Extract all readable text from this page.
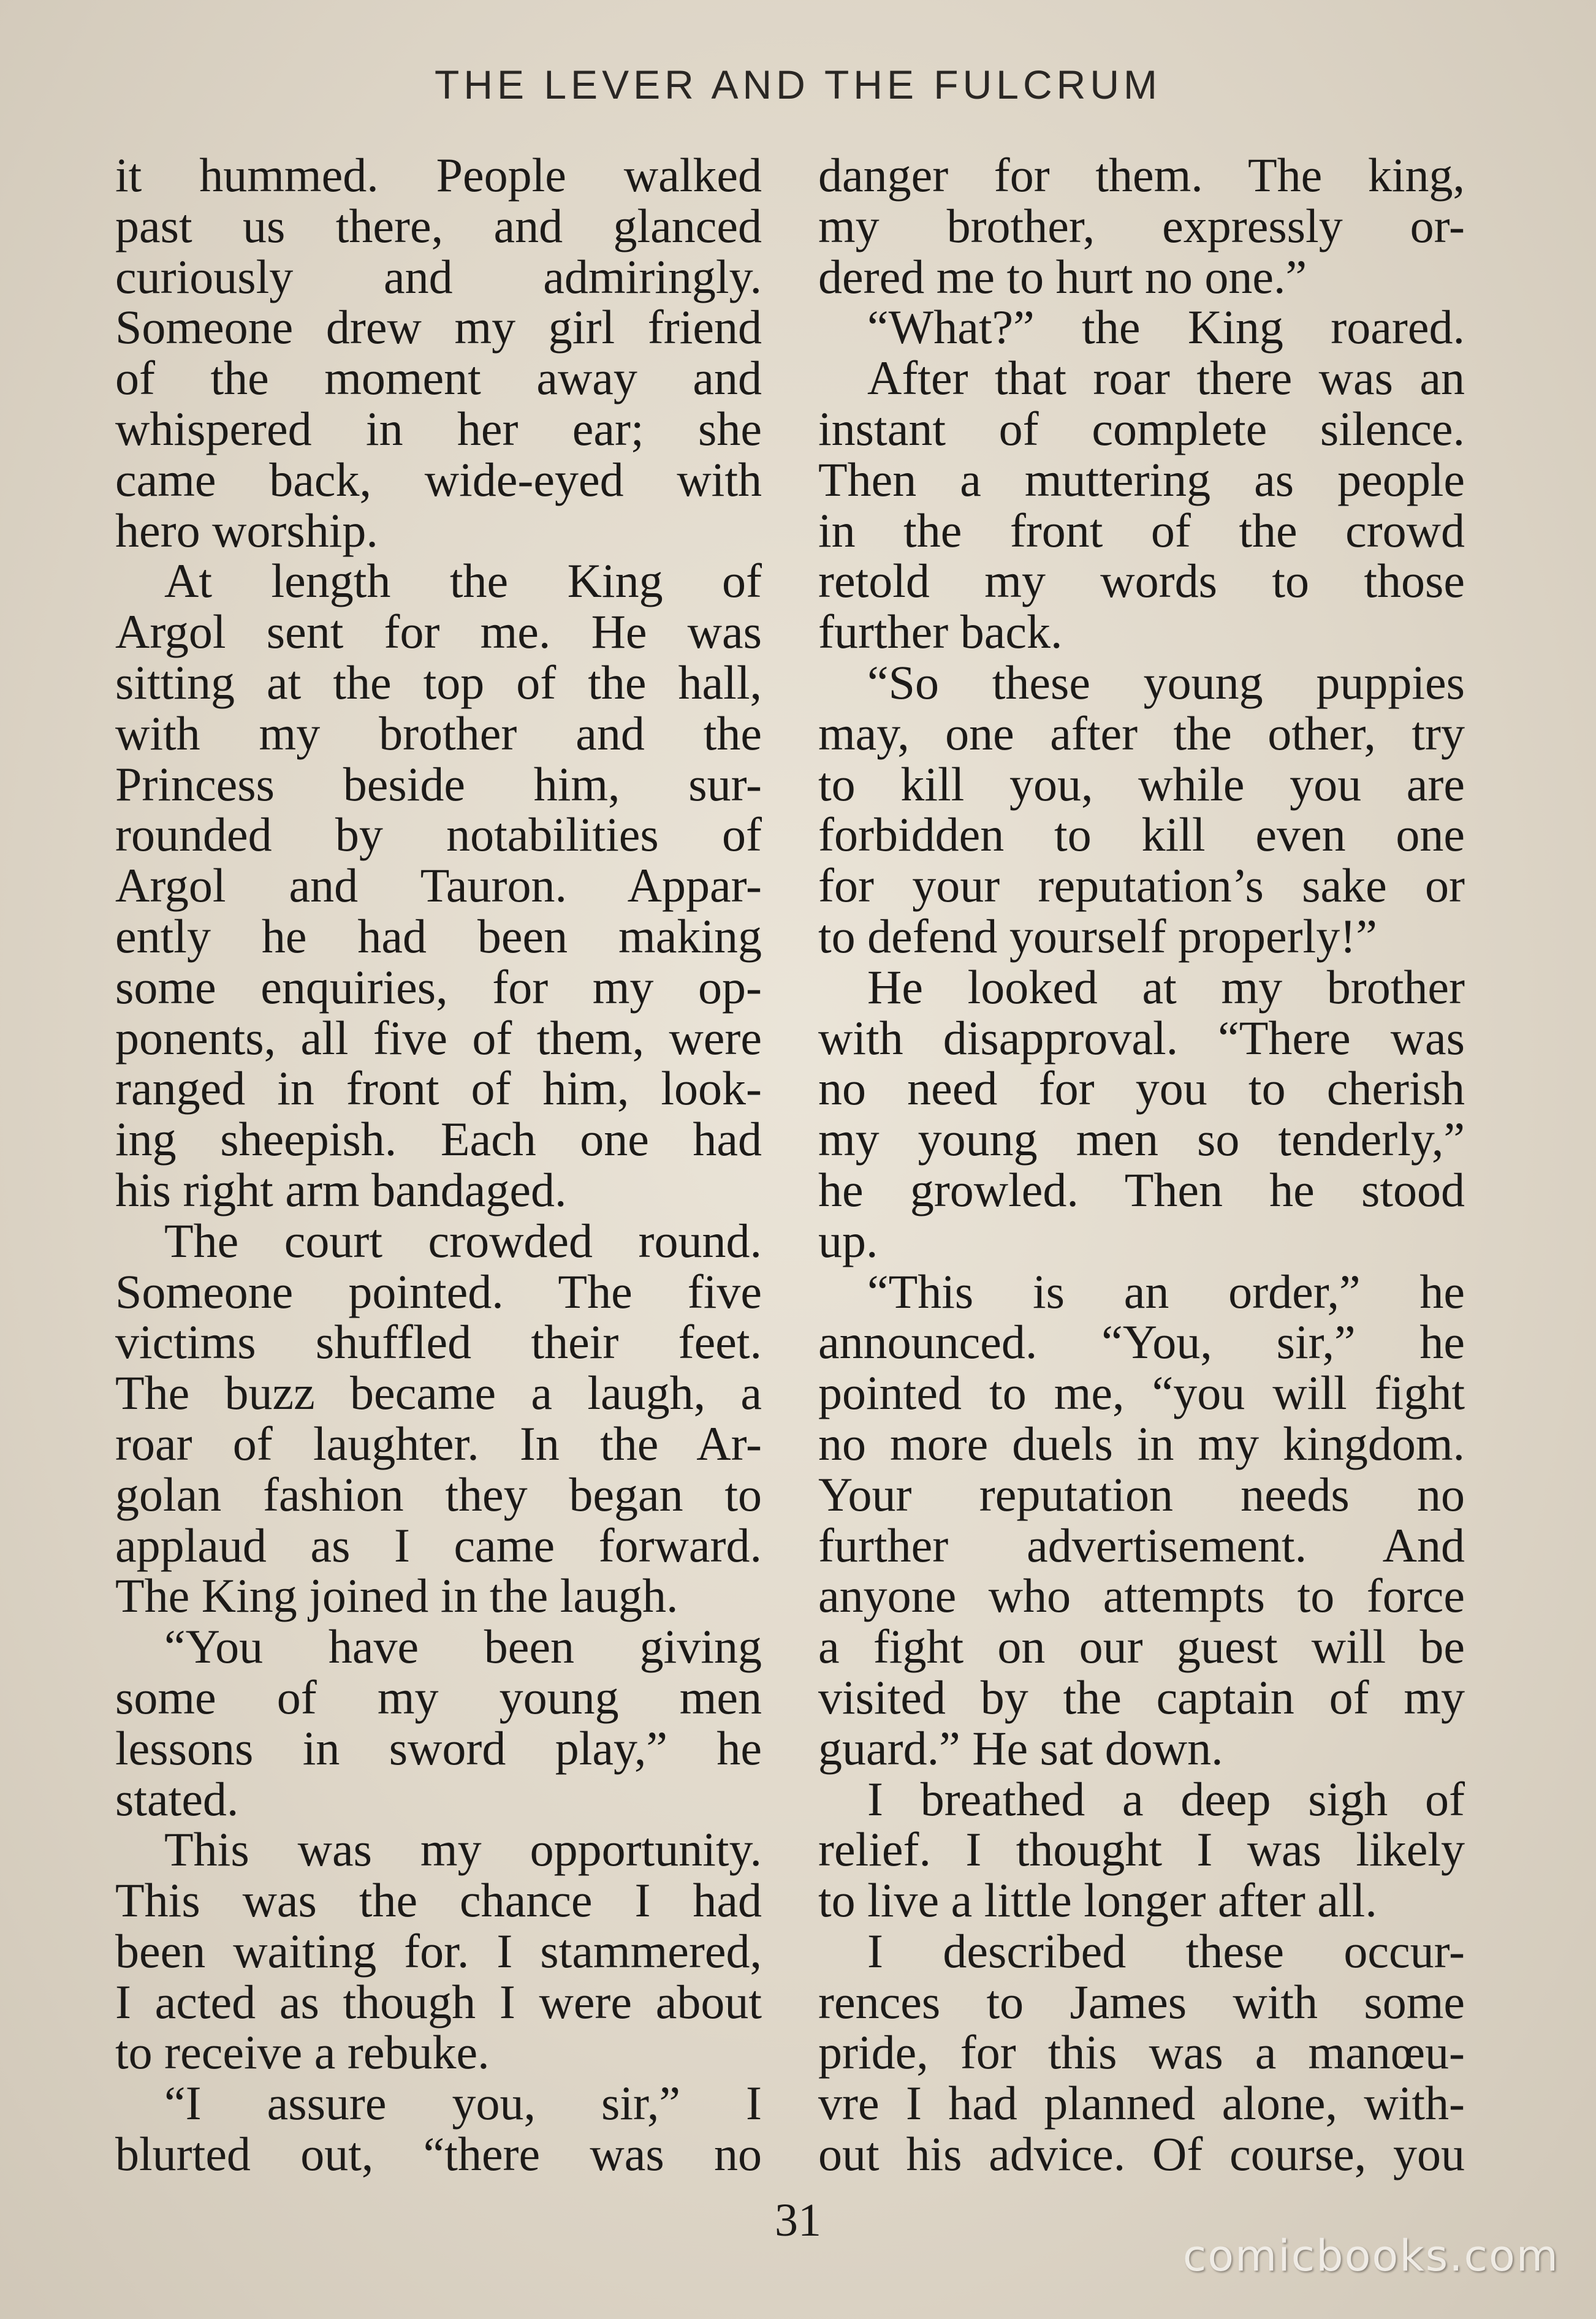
THE LEVER AND THE FULCRUM
it hummed. People walked
past us there, and glanced
curiously and admiringly.
Someone drew my girl friend
of the moment away and
whispered in her ear; she
came back, wide-eyed with
hero worship.
At length the King of
Argol sent for me. He was
sitting at the top of the hall,
with my brother and the
Princess beside him, sur-
rounded by notabilities of
Argol and Tauron. Appar-
ently he had been making
some enquiries, for my op-
ponents, all five of them, were
ranged in front of him, look-
ing sheepish. Each one had
his right arm bandaged.
The court crowded round.
Someone pointed. The five
victims shuffled their feet.
The buzz became a laugh, a
roar of laughter. In the Ar-
golan fashion they began to
applaud as I came forward.
The King joined in the laugh.
“You have been giving
some of my young men
lessons in sword play,” he
stated.
This was my opportunity.
This was the chance I had
been waiting for. I stammered,
I acted as though I were about
to receive a rebuke.
“I assure you, sir,” I
blurted out, “there was no
danger for them. The king,
my brother, expressly or-
dered me to hurt no one.”
“What?” the King roared.
After that roar there was an
instant of complete silence.
Then a muttering as people
in the front of the crowd
retold my words to those
further back.
“So these young puppies
may, one after the other, try
to kill you, while you are
forbidden to kill even one
for your reputation’s sake or
to defend yourself properly!”
He looked at my brother
with disapproval. “There was
no need for you to cherish
my young men so tenderly,”
he growled. Then he stood
up.
“This is an order,” he
announced. “You, sir,” he
pointed to me, “you will fight
no more duels in my kingdom.
Your reputation needs no
further advertisement. And
anyone who attempts to force
a fight on our guest will be
visited by the captain of my
guard.” He sat down.
I breathed a deep sigh of
relief. I thought I was likely
to live a little longer after all.
I described these occur-
rences to James with some
pride, for this was a manœu-
vre I had planned alone, with-
out his advice. Of course, you
31
comicbooks.com
